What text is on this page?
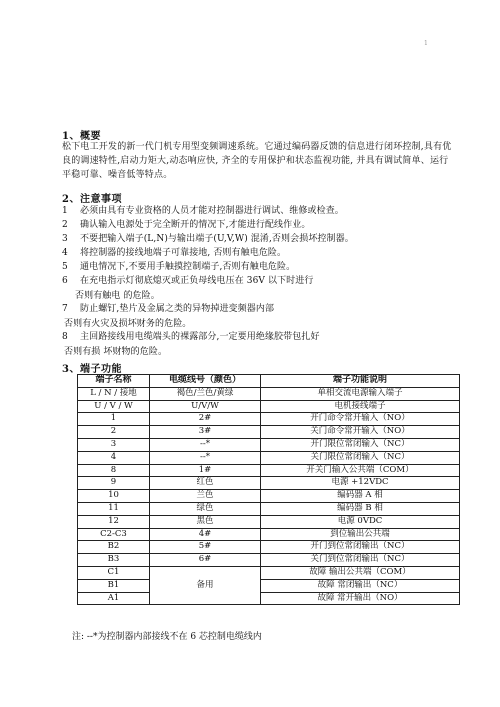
1
1、概要

松下电工开发的新一代门机专用型变频调速系统。它通过编码器反馈的信息进行闭环控制,具有优良的调速特性,启动力矩大,动态响应快, 齐全的专用保护和状态监视功能, 并具有调试简单、运行平稳可靠、噪音低等特点。

2、注意事项
1 必须由具有专业资格的人员才能对控制器进行调试、维修或检查。
2 确认输入电源处于完全断开的情况下,才能进行配线作业。
3 不要把输入端子(L,N)与输出端子(U,V,W) 混淆,否则会损坏控制器。
4 将控制器的接线地端子可靠接地, 否则有触电危险。
5 通电情况下,不要用手触摸控制端子,否则有触电危险。
6 在充电指示灯彻底熄灭或正负母线电压在 36V 以下时进行
否则有触电 的危险。
7 防止螺钉,垫片及金属之类的异物掉进变频器内部
否则有火灾及损坏财务的危险。
8 主回路接线用电缆端头的裸露部分,一定要用绝缘胶带包扎好
否则有损 坏财物的危险。
3、端子功能
端子名称	电缆线号（颜色）	端子功能说明
L / N / 接地	褐色/兰色/黄绿	单相交流电源输入端子
U / V / W	U/V/W	电机接线端子
1	2#	开门命令常开输入（NO）
2	3#	关门命令常开输入（NO）
3	--*	开门限位常闭输入（NC）
4	--*	关门限位常闭输入（NC）
8	1#	开关门输入公共端（COM）
9	红色	电源 +12VDC
10	兰色	编码器 A 相
11	绿色	编码器 B 相
12	黑色	电源 0VDC
C2-C3	4#	到位输出公共端
B2	5#	开门到位常闭输出（NC）
B3	6#	关门到位常闭输出（NC）
C1	备用	故障 输出公共端（COM）
B1		故障 常闭输出（NC）
A1		故障 常开输出（NO）
注: --*为控制器内部接线不在 6 芯控制电缆线内
